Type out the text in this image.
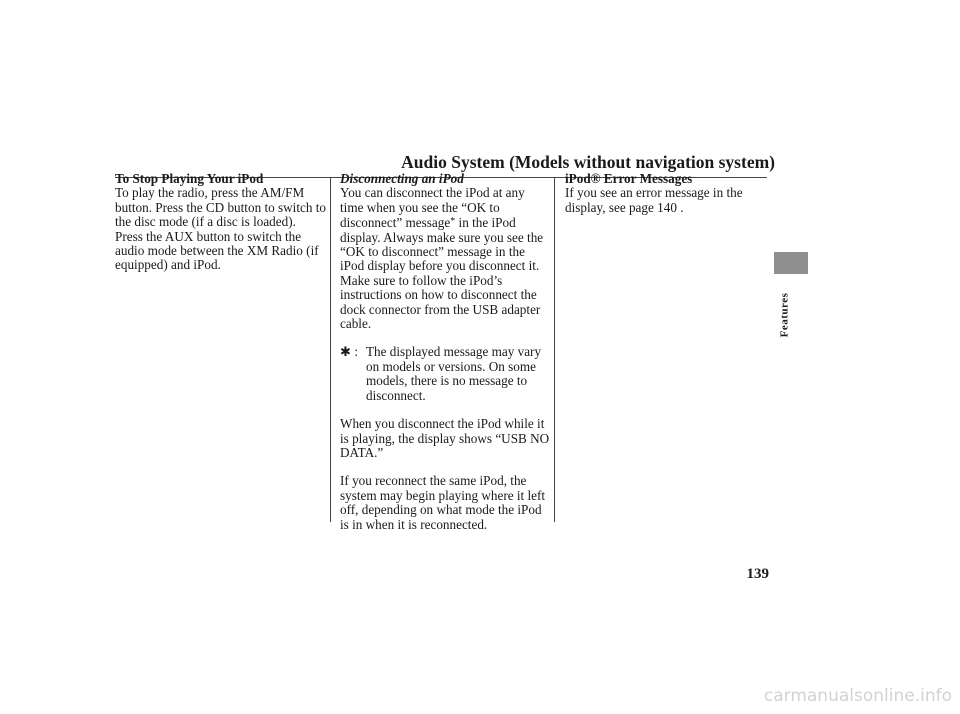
Audio System (Models without navigation system)
To Stop Playing Your iPod
To play the radio, press the AM/FM button. Press the CD button to switch to the disc mode (if a disc is loaded). Press the AUX button to switch the audio mode between the XM Radio (if equipped) and iPod.
Disconnecting an iPod
You can disconnect the iPod at any time when you see the “OK to disconnect” message* in the iPod display. Always make sure you see the “OK to disconnect” message in the iPod display before you disconnect it. Make sure to follow the iPod’s instructions on how to disconnect the dock connector from the USB adapter cable.
✱ : The displayed message may vary on models or versions. On some models, there is no message to disconnect.
When you disconnect the iPod while it is playing, the display shows “USB NO DATA.”
If you reconnect the same iPod, the system may begin playing where it left off, depending on what mode the iPod is in when it is reconnected.
iPod® Error Messages
If you see an error message in the display, see page 140 .
Features
139
carmanualsonline.info
